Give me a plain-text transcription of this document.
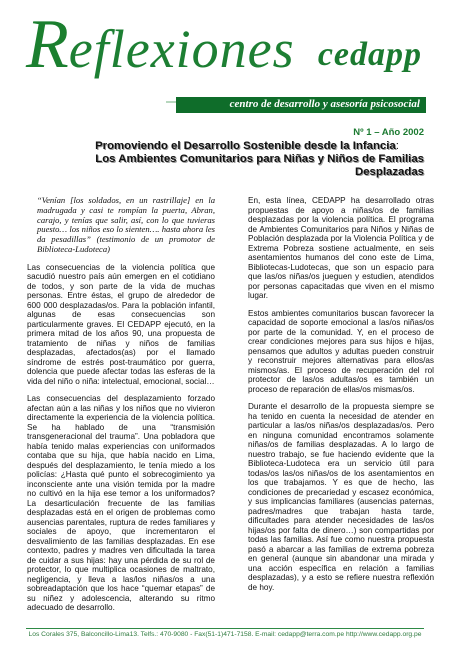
Reflexiones cedapp
centro de desarrollo y asesoría psicosocial
Nº 1 – Año 2002
Promoviendo el Desarrollo Sostenible desde la Infancia:
Los Ambientes Comunitarios para Niñas y Niños de Familias Desplazadas
“Venían [los soldados, en un rastrillaje] en la madrugada y casi te rompían la puerta, Abran, carajo, y tenías que salir, así, con lo que tuvieras puesto… los niños eso lo sienten…. hasta ahora les da pesadillas” (testimonio de un promotor de Biblioteca-Ludoteca)

Las consecuencias de la violencia política que sacudió nuestro país aún emergen en el cotidiano de todos, y son parte de la vida de muchas personas. Entre éstas, el grupo de alrededor de 600 000 desplazadas/os. Para la población infantil, algunas de esas consecuencias son particularmente graves. El CEDAPP ejecutó, en la primera mitad de los años 90, una propuesta de tratamiento de niñas y niños de familias desplazadas, afectados(as) por el llamado síndrome de estrés post-traumático por guerra, dolencia que puede afectar todas las esferas de la vida del niño o niña: intelectual, emocional, social…

Las consecuencias del desplazamiento forzado afectan aún a las niñas y los niños que no vivieron directamente la experiencia de la violencia política. Se ha hablado de una “transmisión transgeneracional del trauma”. Una pobladora que había tenido malas experiencias con uniformados contaba que su hija, que había nacido en Lima, después del desplazamiento, le tenía miedo a los policías: ¿Hasta qué punto el sobrecogimiento ya inconsciente ante una visión temida por la madre no cultivó en la hija ese temor a los uniformados? La desarticulación frecuente de las familias desplazadas está en el origen de problemas como ausencias parentales, ruptura de redes familiares y sociales de apoyo, que incrementaron el desvalimiento de las familias desplazadas. En ese contexto, padres y madres ven dificultada la tarea de cuidar a sus hijas: hay una pérdida de su rol de protector, lo que multiplica ocasiones de maltrato, negligencia, y lleva a las/los niñas/os a una sobreadaptación que los hace “quemar etapas” de su niñez y adolescencia, alterando su ritmo adecuado de desarrollo.

En, esta línea, CEDAPP ha desarrollado otras propuestas de apoyo a niñas/os de familias desplazadas por la violencia política. El programa de Ambientes Comunitarios para Niños y Niñas de Población desplazada por la Violencia Política y de Extrema Pobreza sostiene actualmente, en seis asentamientos humanos del cono este de Lima, Bibliotecas-Ludotecas, que son un espacio para que las/os niñas/os jueguen y estudien, atendidos por personas capacitadas que viven en el mismo lugar.

Estos ambientes comunitarios buscan favorecer la capacidad de soporte emocional a las/os niñas/os por parte de la comunidad. Y, en el proceso de crear condiciones mejores para sus hijos e hijas, pensamos que adultos y adultas pueden construir y reconstruir mejores alternativas para ellos/as mismos/as. El proceso de recuperación del rol protector de las/os adultas/os es también un proceso de reparación de ellas/os mismas/os.

Durante el desarrollo de la propuesta siempre se ha tenido en cuenta la necesidad de atender en particular a las/os niñas/os desplazadas/os. Pero en ninguna comunidad encontramos solamente niñas/os de familias desplazadas. A lo largo de nuestro trabajo, se fue haciendo evidente que la Biblioteca-Ludoteca era un servicio útil para todas/os las/os niñas/os de los asentamientos en los que trabajamos. Y es que de hecho, las condiciones de precariedad y escasez económica, y sus implicancias familiares (ausencias paternas, padres/madres que trabajan hasta tarde, dificultades para atender necesidades de las/os hijas/os por falta de dinero…) son compartidas por todas las familias. Así fue como nuestra propuesta pasó a abarcar a las familias de extrema pobreza en general (aunque sin abandonar una mirada y una acción específica en relación a familias desplazadas), y a esto se refiere nuestra reflexión de hoy.

Los Corales 375, Balconcillo-Lima13. Telfs.: 470-9080 - Fax(51-1)471-7158. E-mail: cedapp@terra.com.pe http://www.cedapp.org.pe
